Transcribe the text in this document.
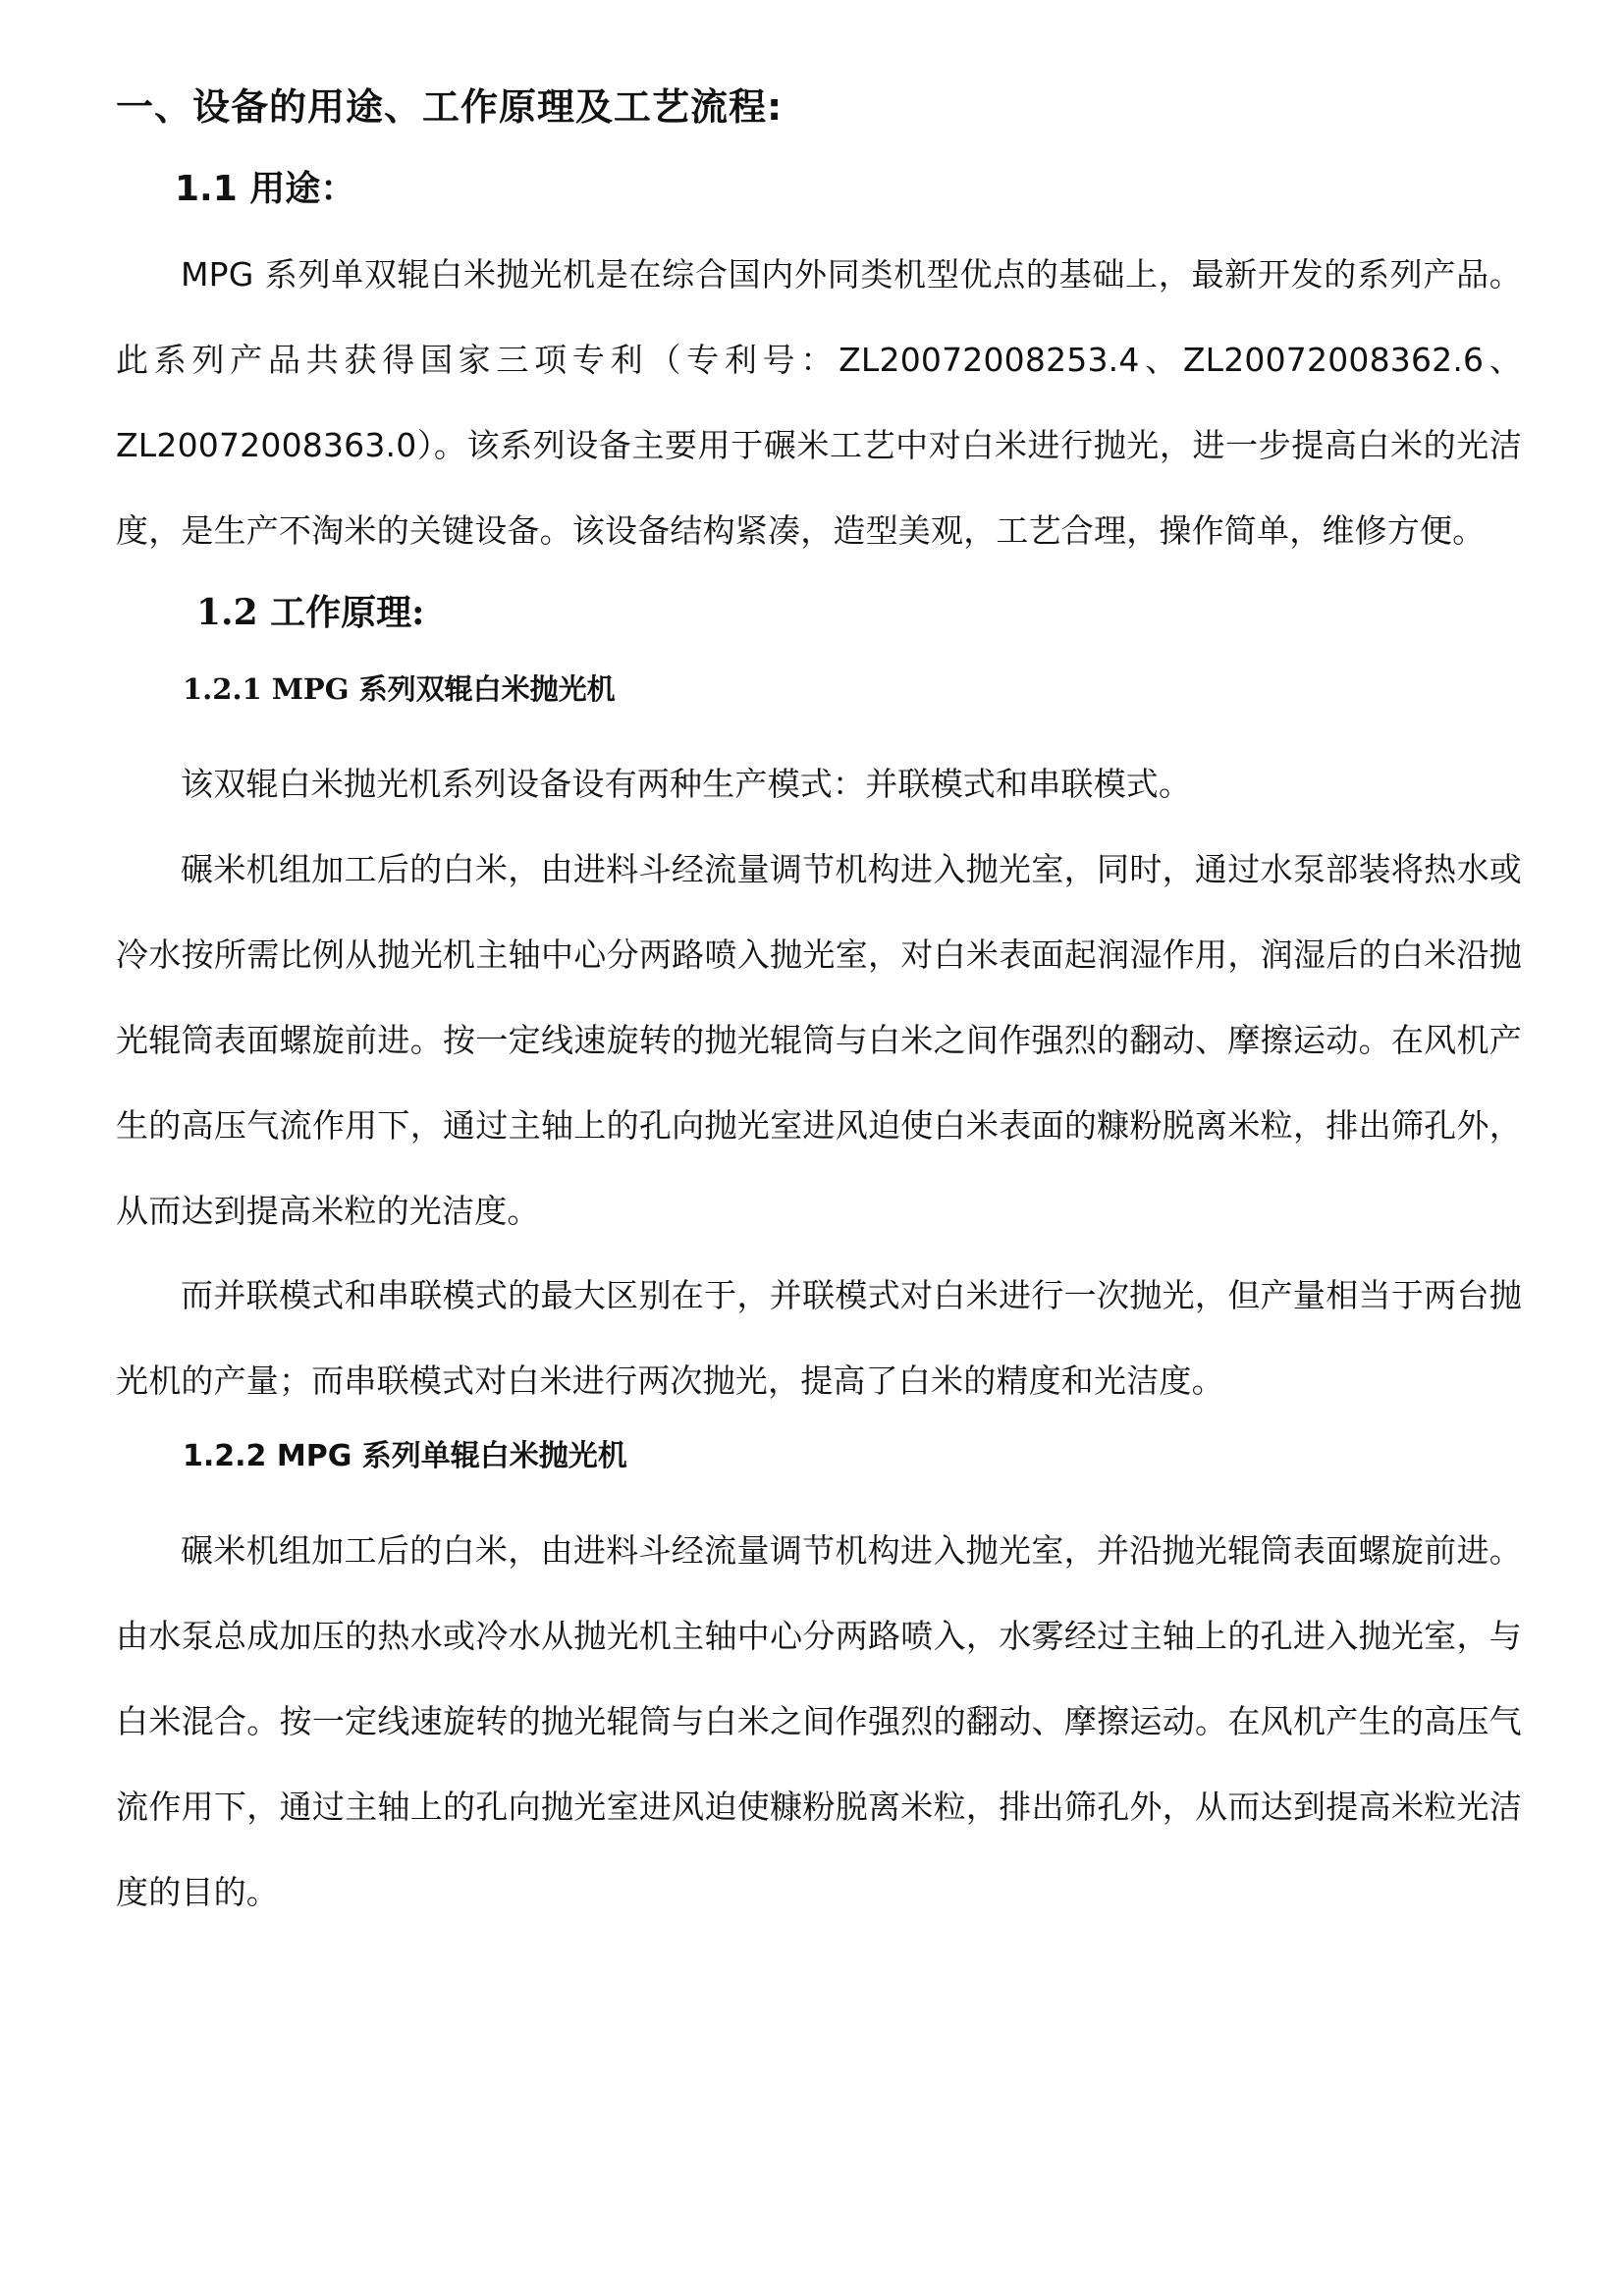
一、设备的用途、工作原理及工艺流程:
1.1 用途：
MPG 系列单双辊白米抛光机是在综合国内外同类机型优点的基础上，最新开发的系列产品。此系列产品共获得国家三项专利（专利号：ZL20072008253.4、ZL20072008362.6、ZL20072008363.0）。该系列设备主要用于碾米工艺中对白米进行抛光，进一步提高白米的光洁度，是生产不淘米的关键设备。该设备结构紧凑，造型美观，工艺合理，操作简单，维修方便。
1.2 工作原理:
1.2.1 MPG 系列双辊白米抛光机
该双辊白米抛光机系列设备设有两种生产模式：并联模式和串联模式。
碾米机组加工后的白米，由进料斗经流量调节机构进入抛光室，同时，通过水泵部装将热水或冷水按所需比例从抛光机主轴中心分两路喷入抛光室，对白米表面起润湿作用，润湿后的白米沿抛光辊筒表面螺旋前进。按一定线速旋转的抛光辊筒与白米之间作强烈的翻动、摩擦运动。在风机产生的高压气流作用下，通过主轴上的孔向抛光室进风迫使白米表面的糠粉脱离米粒，排出筛孔外，从而达到提高米粒的光洁度。
而并联模式和串联模式的最大区别在于，并联模式对白米进行一次抛光，但产量相当于两台抛光机的产量；而串联模式对白米进行两次抛光，提高了白米的精度和光洁度。
1.2.2 MPG 系列单辊白米抛光机
碾米机组加工后的白米，由进料斗经流量调节机构进入抛光室，并沿抛光辊筒表面螺旋前进。由水泵总成加压的热水或冷水从抛光机主轴中心分两路喷入，水雾经过主轴上的孔进入抛光室，与白米混合。按一定线速旋转的抛光辊筒与白米之间作强烈的翻动、摩擦运动。在风机产生的高压气流作用下，通过主轴上的孔向抛光室进风迫使糠粉脱离米粒，排出筛孔外，从而达到提高米粒光洁度的目的。
